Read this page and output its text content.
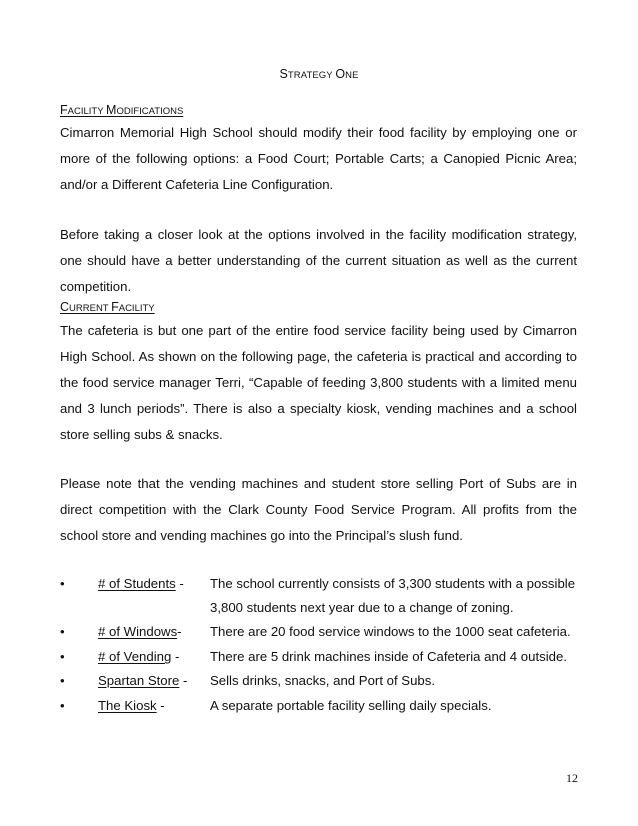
STRATEGY ONE
FACILITY MODIFICATIONS

Cimarron Memorial High School should modify their food facility by employing one or more of the following options: a Food Court; Portable Carts; a Canopied Picnic Area; and/or a Different Cafeteria Line Configuration.

Before taking a closer look at the options involved in the facility modification strategy, one should have a better understanding of the current situation as well as the current competition.

CURRENT FACILITY

The cafeteria is but one part of the entire food service facility being used by Cimarron High School. As shown on the following page, the cafeteria is practical and according to the food service manager Terri, “Capable of feeding 3,800 students with a limited menu and 3 lunch periods”. There is also a specialty kiosk, vending machines and a school store selling subs & snacks.

Please note that the vending machines and student store selling Port of Subs are in direct competition with the Clark County Food Service Program. All profits from the school store and vending machines go into the Principal’s slush fund.

•	# of Students - The school currently consists of 3,300 students with a possible
3,800 students next year due to a change of zoning.
•	# of Windows- There are 20 food service windows to the 1000 seat cafeteria.
•	# of Vending - There are 5 drink machines inside of Cafeteria and 4 outside.
•	Spartan Store - Sells drinks, snacks, and Port of Subs.
•	The Kiosk -	A separate portable facility selling daily specials.
12
